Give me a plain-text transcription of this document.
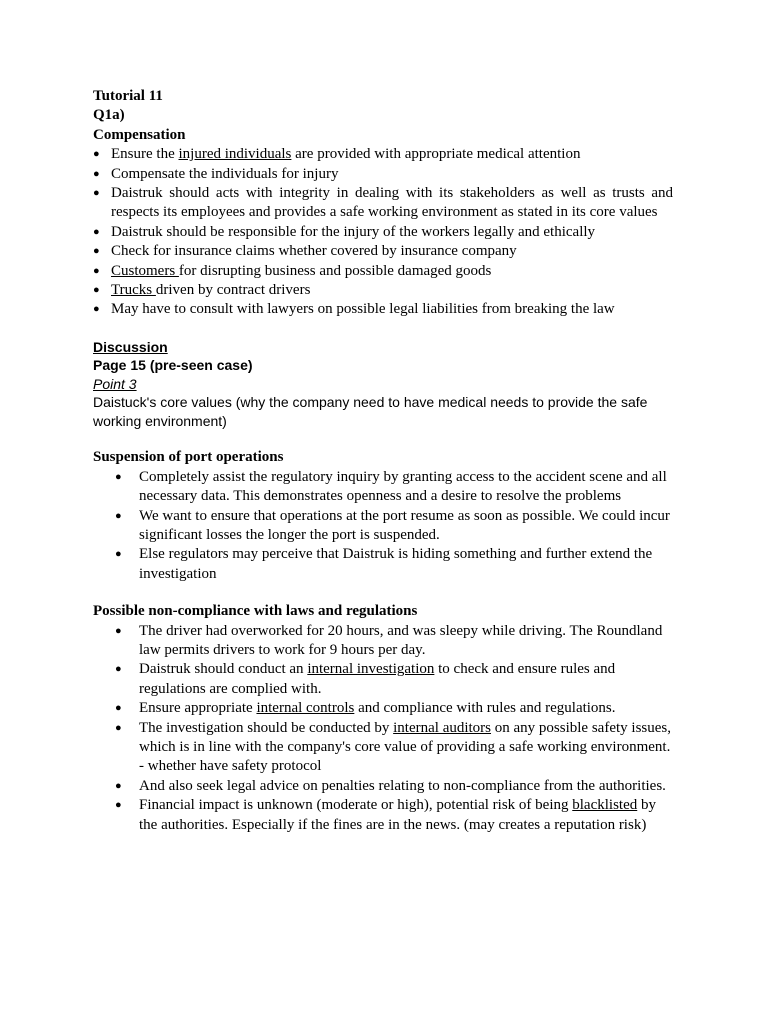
Tutorial 11

Q1a)

Compensation

● Ensure the injured individuals are provided with appropriate medical attention
● Compensate the individuals for injury
● Daistruk should acts with integrity in dealing with its stakeholders as well as trusts and respects its employees and provides a safe working environment as stated in its core values
● Daistruk should be responsible for the injury of the workers legally and ethically
● Check for insurance claims whether covered by insurance company
● Customers for disrupting business and possible damaged goods
● Trucks driven by contract drivers
● May have to consult with lawyers on possible legal liabilities from breaking the law

Discussion

Page 15 (pre-seen case)

Point 3

Daistuck's core values (why the company need to have medical needs to provide the safe working environment)

Suspension of port operations

● Completely assist the regulatory inquiry by granting access to the accident scene and all necessary data. This demonstrates openness and a desire to resolve the problems
● We want to ensure that operations at the port resume as soon as possible. We could incur significant losses the longer the port is suspended.
● Else regulators may perceive that Daistruk is hiding something and further extend the investigation

Possible non-compliance with laws and regulations

● The driver had overworked for 20 hours, and was sleepy while driving. The Roundland law permits drivers to work for 9 hours per day.
● Daistruk should conduct an internal investigation to check and ensure rules and regulations are complied with.
● Ensure appropriate internal controls and compliance with rules and regulations.
● The investigation should be conducted by internal auditors on any possible safety issues, which is in line with the company's core value of providing a safe working environment. - whether have safety protocol
● And also seek legal advice on penalties relating to non-compliance from the authorities.
● Financial impact is unknown (moderate or high), potential risk of being blacklisted by the authorities. Especially if the fines are in the news. (may creates a reputation risk)
